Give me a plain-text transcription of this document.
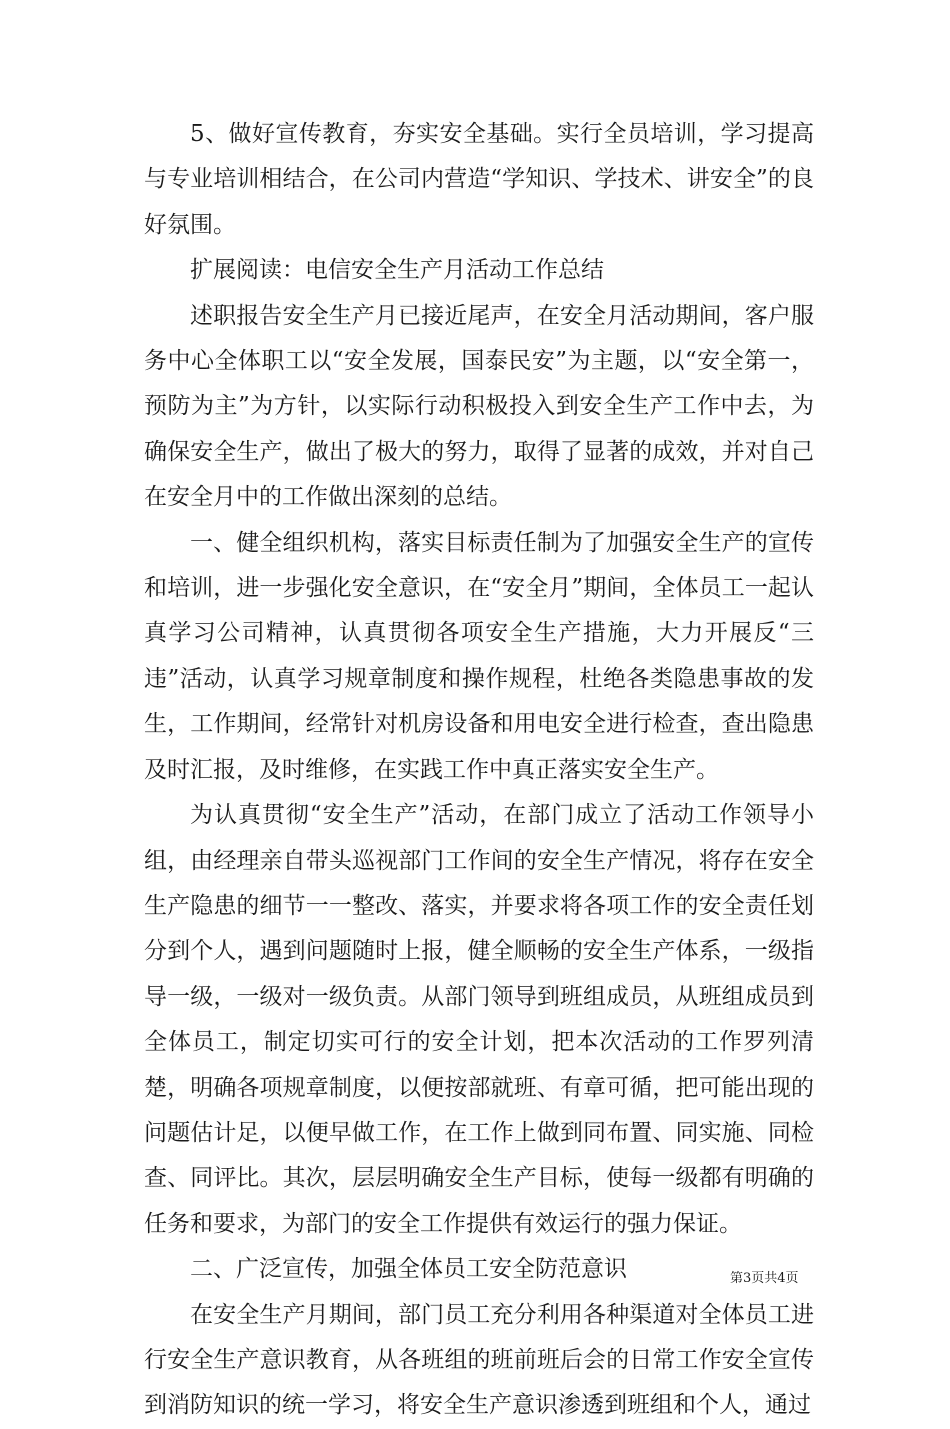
5、做好宣传教育，夯实安全基础。实行全员培训，学习提高与专业培训相结合，在公司内营造“学知识、学技术、讲安全”的良好氛围。

扩展阅读：电信安全生产月活动工作总结

述职报告安全生产月已接近尾声，在安全月活动期间，客户服务中心全体职工以“安全发展，国泰民安”为主题，以“安全第一，预防为主”为方针，以实际行动积极投入到安全生产工作中去，为确保安全生产，做出了极大的努力，取得了显著的成效，并对自己在安全月中的工作做出深刻的总结。

一、健全组织机构，落实目标责任制为了加强安全生产的宣传和培训，进一步强化安全意识，在“安全月”期间，全体员工一起认真学习公司精神，认真贯彻各项安全生产措施，大力开展反“三违”活动，认真学习规章制度和操作规程，杜绝各类隐患事故的发生，工作期间，经常针对机房设备和用电安全进行检查，查出隐患及时汇报，及时维修，在实践工作中真正落实安全生产。

为认真贯彻“安全生产”活动，在部门成立了活动工作领导小组，由经理亲自带头巡视部门工作间的安全生产情况，将存在安全生产隐患的细节一一整改、落实，并要求将各项工作的安全责任划分到个人，遇到问题随时上报，健全顺畅的安全生产体系，一级指导一级，一级对一级负责。从部门领导到班组成员，从班组成员到全体员工，制定切实可行的安全计划，把本次活动的工作罗列清楚，明确各项规章制度，以便按部就班、有章可循，把可能出现的问题估计足，以便早做工作，在工作上做到同布置、同实施、同检查、同评比。其次，层层明确安全生产目标，使每一级都有明确的任务和要求，为部门的安全工作提供有效运行的强力保证。

二、广泛宣传，加强全体员工安全防范意识

在安全生产月期间，部门员工充分利用各种渠道对全体员工进行安全生产意识教育，从各班组的班前班后会的日常工作安全宣传到消防知识的统一学习，将安全生产意识渗透到班组和个人，通过

第3页共4页
